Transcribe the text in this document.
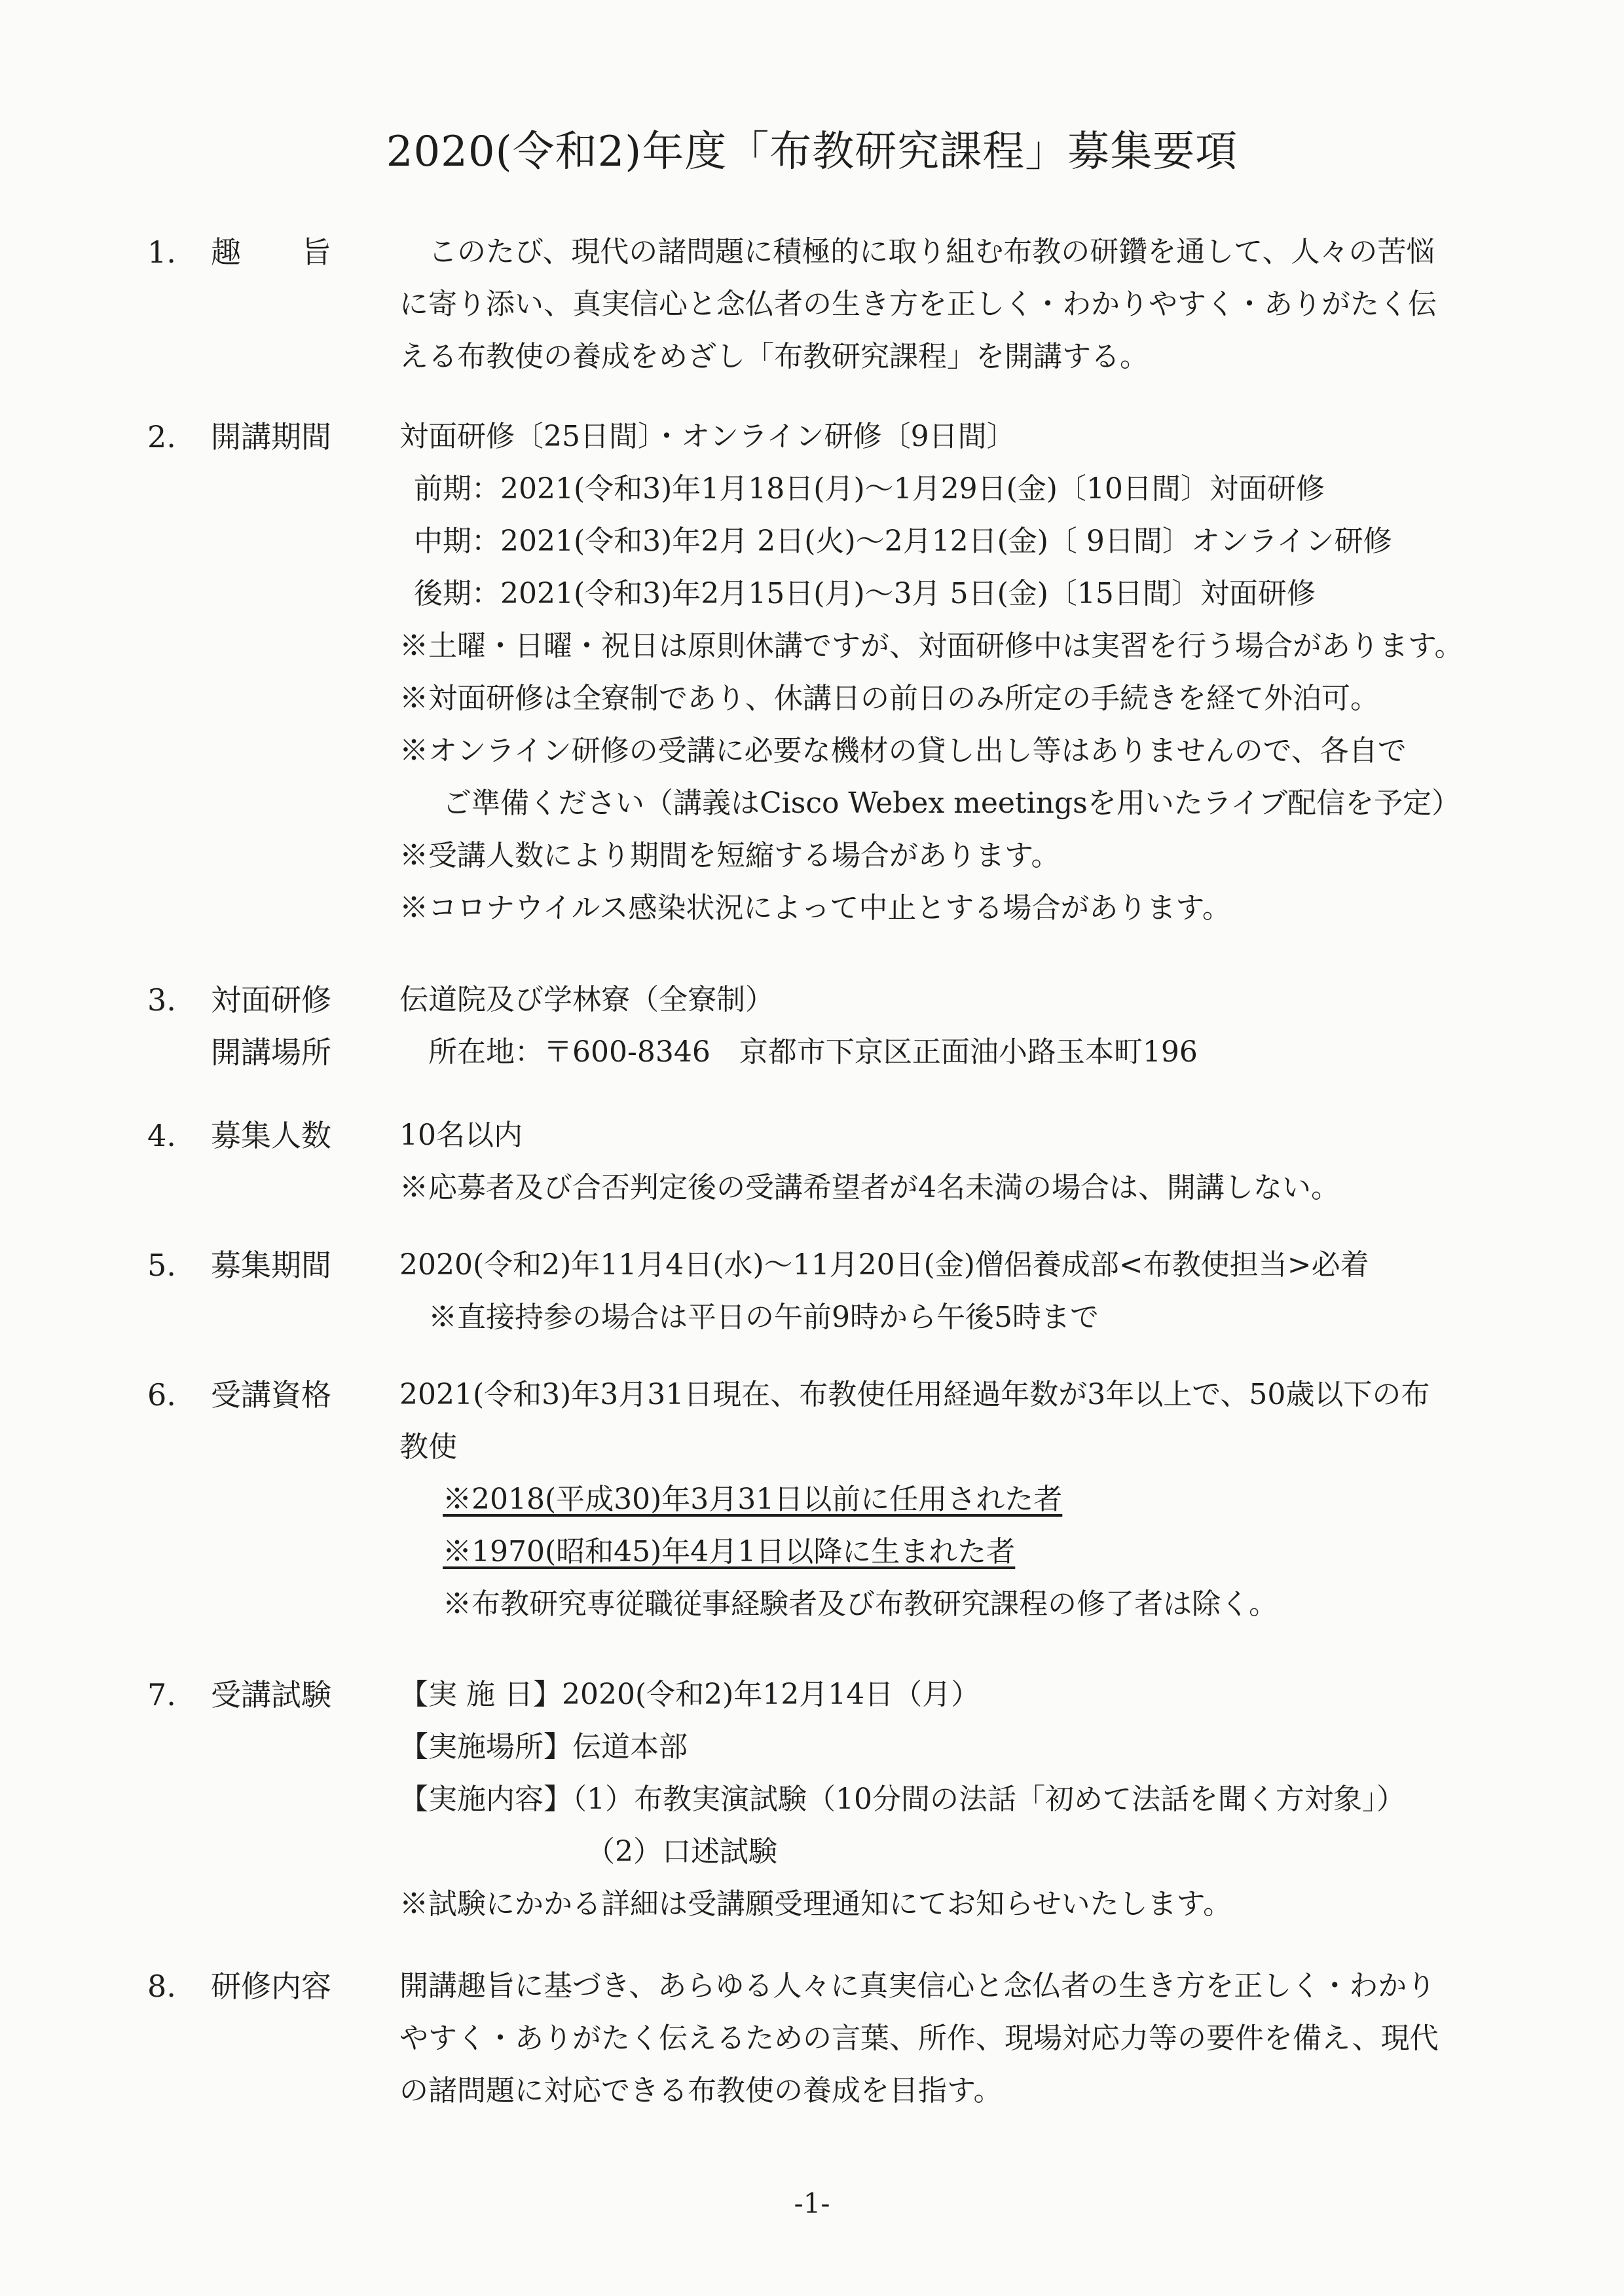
2020(令和2)年度「布教研究課程」募集要項
1. 趣　　旨 　このたび、現代の諸問題に積極的に取り組む布教の研鑽を通して、人々の苦悩
に寄り添い、真実信心と念仏者の生き方を正しく・わかりやすく・ありがたく伝
える布教使の養成をめざし「布教研究課程」を開講する。
2. 開講期間 対面研修〔25日間〕・オンライン研修〔9日間〕
前期：2021(令和3)年1月18日(月)～1月29日(金)〔10日間〕対面研修
中期：2021(令和3)年2月 2日(火)～2月12日(金)〔 9日間〕オンライン研修
後期：2021(令和3)年2月15日(月)～3月 5日(金)〔15日間〕対面研修
※土曜・日曜・祝日は原則休講ですが、対面研修中は実習を行う場合があります。
※対面研修は全寮制であり、休講日の前日のみ所定の手続きを経て外泊可。
※オンライン研修の受講に必要な機材の貸し出し等はありませんので、各自で
ご準備ください（講義はCisco Webex meetingsを用いたライブ配信を予定）
※受講人数により期間を短縮する場合があります。
※コロナウイルス感染状況によって中止とする場合があります。
3. 対面研修
開講場所
伝道院及び学林寮（全寮制）
所在地：〒600-8346　京都市下京区正面油小路玉本町196
4. 募集人数 10名以内
※応募者及び合否判定後の受講希望者が4名未満の場合は、開講しない。
5. 募集期間 2020(令和2)年11月4日(水)～11月20日(金)僧侶養成部<布教使担当>必着
※直接持参の場合は平日の午前9時から午後5時まで
6. 受講資格 2021(令和3)年3月31日現在、布教使任用経過年数が3年以上で、50歳以下の布
教使
※2018(平成30)年3月31日以前に任用された者
※1970(昭和45)年4月1日以降に生まれた者
※布教研究専従職従事経験者及び布教研究課程の修了者は除く。
7. 受講試験 【実 施 日】2020(令和2)年12月14日（月）
【実施場所】伝道本部
【実施内容】（1）布教実演試験（10分間の法話「初めて法話を聞く方対象」）
（2）口述試験
※試験にかかる詳細は受講願受理通知にてお知らせいたします。
8. 研修内容 開講趣旨に基づき、あらゆる人々に真実信心と念仏者の生き方を正しく・わかり
やすく・ありがたく伝えるための言葉、所作、現場対応力等の要件を備え、現代
の諸問題に対応できる布教使の養成を目指す。
-1-
